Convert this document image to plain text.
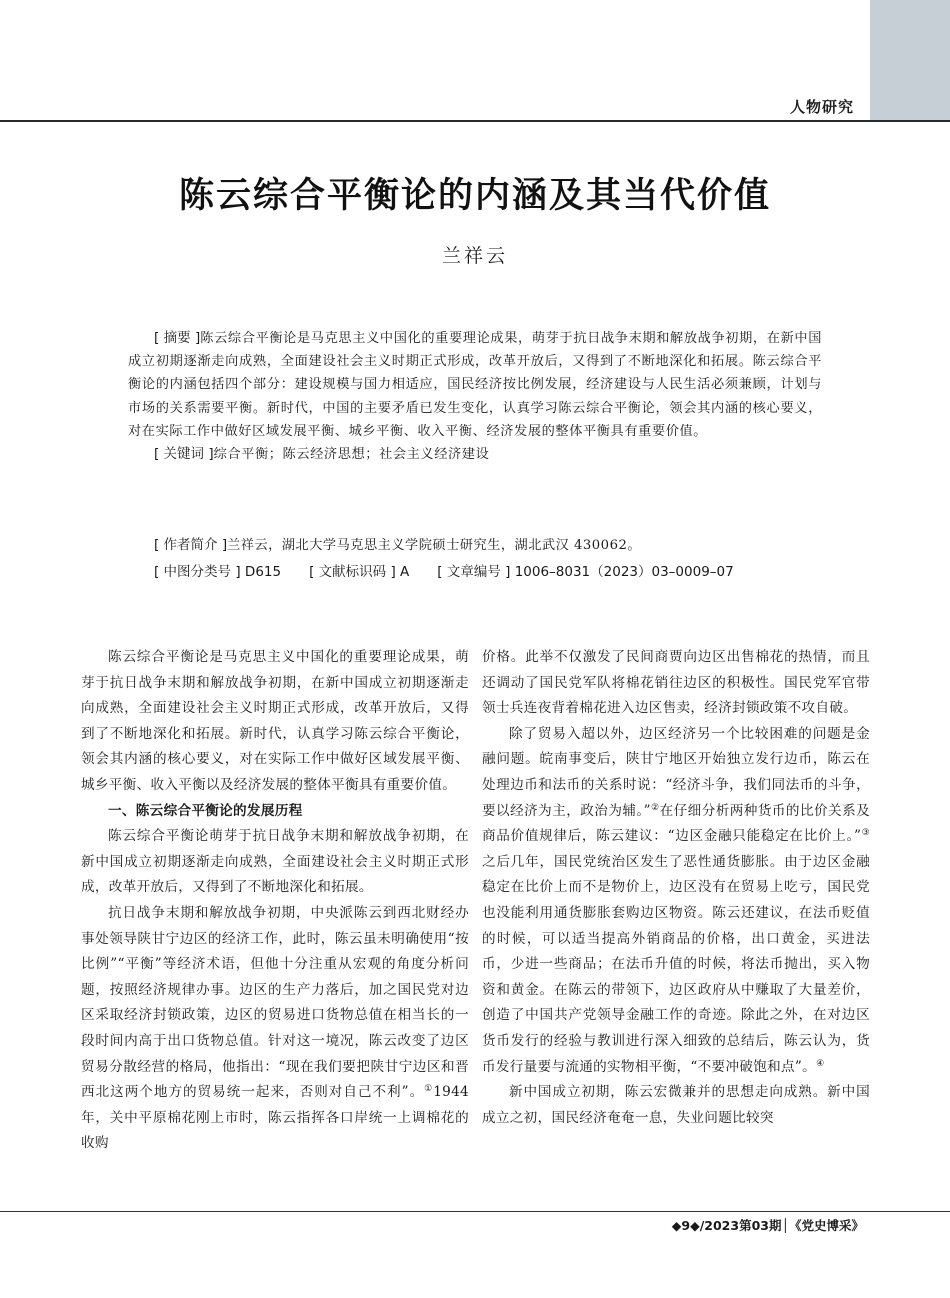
人物研究
陈云综合平衡论的内涵及其当代价值
兰祥云
[ 摘要 ]陈云综合平衡论是马克思主义中国化的重要理论成果，萌芽于抗日战争末期和解放战争初期，在新中国成立初期逐渐走向成熟，全面建设社会主义时期正式形成，改革开放后，又得到了不断地深化和拓展。陈云综合平衡论的内涵包括四个部分：建设规模与国力相适应，国民经济按比例发展，经济建设与人民生活必须兼顾，计划与市场的关系需要平衡。新时代，中国的主要矛盾已发生变化，认真学习陈云综合平衡论，领会其内涵的核心要义，对在实际工作中做好区域发展平衡、城乡平衡、收入平衡、经济发展的整体平衡具有重要价值。
[ 关键词 ]综合平衡；陈云经济思想；社会主义经济建设
[ 作者简介 ]兰祥云，湖北大学马克思主义学院硕士研究生，湖北武汉 430062。
[ 中图分类号 ] D615 [ 文献标识码 ] A [ 文章编号 ] 1006–8031（2023）03–0009–07

陈云综合平衡论是马克思主义中国化的重要理论成果，萌芽于抗日战争末期和解放战争初期，在新中国成立初期逐渐走向成熟，全面建设社会主义时期正式形成，改革开放后，又得到了不断地深化和拓展。新时代，认真学习陈云综合平衡论，领会其内涵的核心要义，对在实际工作中做好区域发展平衡、城乡平衡、收入平衡以及经济发展的整体平衡具有重要价值。

一、陈云综合平衡论的发展历程

陈云综合平衡论萌芽于抗日战争末期和解放战争初期，在新中国成立初期逐渐走向成熟，全面建设社会主义时期正式形成，改革开放后，又得到了不断地深化和拓展。

抗日战争末期和解放战争初期，中央派陈云到西北财经办事处领导陕甘宁边区的经济工作，此时，陈云虽未明确使用“按比例”“平衡”等经济术语，但他十分注重从宏观的角度分析问题，按照经济规律办事。边区的生产力落后，加之国民党对边区采取经济封锁政策，边区的贸易进口货物总值在相当长的一段时间内高于出口货物总值。针对这一境况，陈云改变了边区贸易分散经营的格局，他指出：“现在我们要把陕甘宁边区和晋西北这两个地方的贸易统一起来，否则对自己不利”。①1944 年，关中平原棉花刚上市时，陈云指挥各口岸统一上调棉花的收购

价格。此举不仅激发了民间商贾向边区出售棉花的热情，而且还调动了国民党军队将棉花销往边区的积极性。国民党军官带领士兵连夜背着棉花进入边区售卖，经济封锁政策不攻自破。

除了贸易入超以外，边区经济另一个比较困难的问题是金融问题。皖南事变后，陕甘宁地区开始独立发行边币，陈云在处理边币和法币的关系时说：“经济斗争，我们同法币的斗争，要以经济为主，政治为辅。”②在仔细分析两种货币的比价关系及商品价值规律后，陈云建议：“边区金融只能稳定在比价上。”③之后几年，国民党统治区发生了恶性通货膨胀。由于边区金融稳定在比价上而不是物价上，边区没有在贸易上吃亏，国民党也没能利用通货膨胀套购边区物资。陈云还建议，在法币贬值的时候，可以适当提高外销商品的价格，出口黄金，买进法币，少进一些商品；在法币升值的时候，将法币抛出，买入物资和黄金。在陈云的带领下，边区政府从中赚取了大量差价，创造了中国共产党领导金融工作的奇迹。除此之外，在对边区货币发行的经验与教训进行深入细致的总结后，陈云认为，货币发行量要与流通的实物相平衡，“不要冲破饱和点”。④

新中国成立初期，陈云宏微兼并的思想走向成熟。新中国成立之初，国民经济奄奄一息，失业问题比较突

◆9◆/2023第03期│《党史博采》
